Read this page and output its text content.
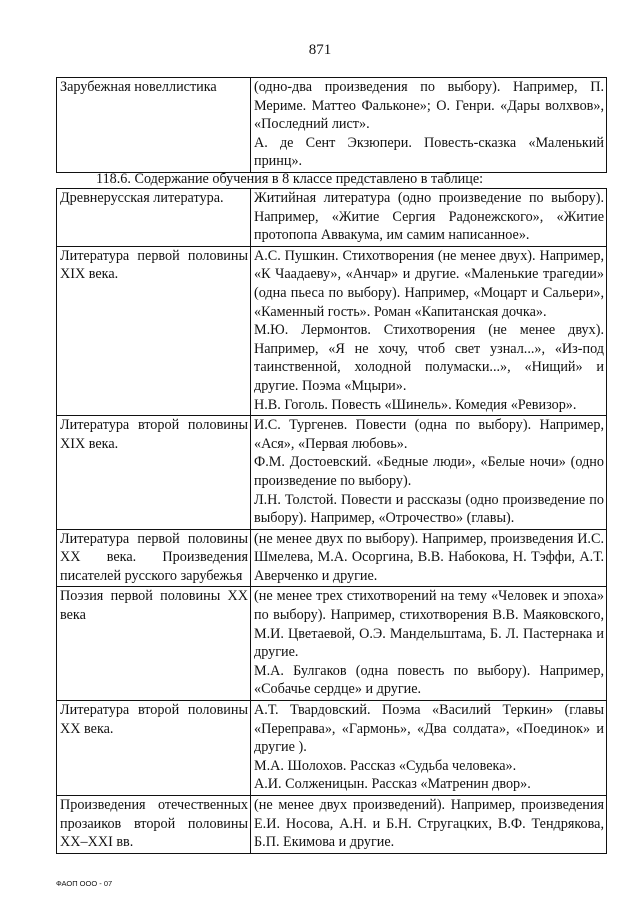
871
Зарубежная новеллистика	(одно-два произведения по выбору). Например, П. Мериме. Маттео Фальконе»; О. Генри. «Дары волхвов», «Последний лист».
А. де Сент Экзюпери. Повесть-сказка «Маленький принц».
118.6. Содержание обучения в 8 классе представлено в таблице:
Древнерусская литература.	Житийная литература (одно произведение по выбору). Например, «Житие Сергия Радонежского», «Житие протопопа Аввакума, им самим написанное».

Литература первой половины XIX века.	А.С. Пушкин. Стихотворения (не менее двух). Например, «К Чаадаеву», «Анчар» и другие. «Маленькие трагедии» (одна пьеса по выбору). Например, «Моцарт и Сальери», «Каменный гость». Роман «Капитанская дочка».
М.Ю. Лермонтов. Стихотворения (не менее двух). Например, «Я не хочу, чтоб свет узнал...», «Из-под таинственной, холодной полумаски...», «Нищий» и другие. Поэма «Мцыри».
Н.В. Гоголь. Повесть «Шинель». Комедия «Ревизор».

Литература второй половины XIX века.	И.С. Тургенев. Повести (одна по выбору). Например, «Ася», «Первая любовь».
Ф.М. Достоевский. «Бедные люди», «Белые ночи» (одно произведение по выбору).
Л.Н. Толстой. Повести и рассказы (одно произведение по выбору). Например, «Отрочество» (главы).

Литература первой половины XX века. Произведения писателей русского зарубежья	(не менее двух по выбору). Например, произведения И.С. Шмелева, М.А. Осоргина, В.В. Набокова, Н. Тэффи, А.Т. Аверченко и другие.

Поэзия первой половины XX века	(не менее трех стихотворений на тему «Человек и эпоха» по выбору). Например, стихотворения В.В. Маяковского, М.И. Цветаевой, О.Э. Мандельштама, Б. Л. Пастернака и другие.
М.А. Булгаков (одна повесть по выбору). Например, «Собачье сердце» и другие.

Литература второй половины XX века.	А.Т. Твардовский. Поэма «Василий Теркин» (главы «Переправа», «Гармонь», «Два солдата», «Поединок» и другие ).
М.А. Шолохов. Рассказ «Судьба человека».
А.И. Солженицын. Рассказ «Матренин двор».

Произведения отечественных прозаиков второй половины XX–XXI вв.	(не менее двух произведений). Например, произведения Е.И. Носова, А.Н. и Б.Н. Стругацких, В.Ф. Тендрякова, Б.П. Екимова и другие.
ФАОП ООО - 07
